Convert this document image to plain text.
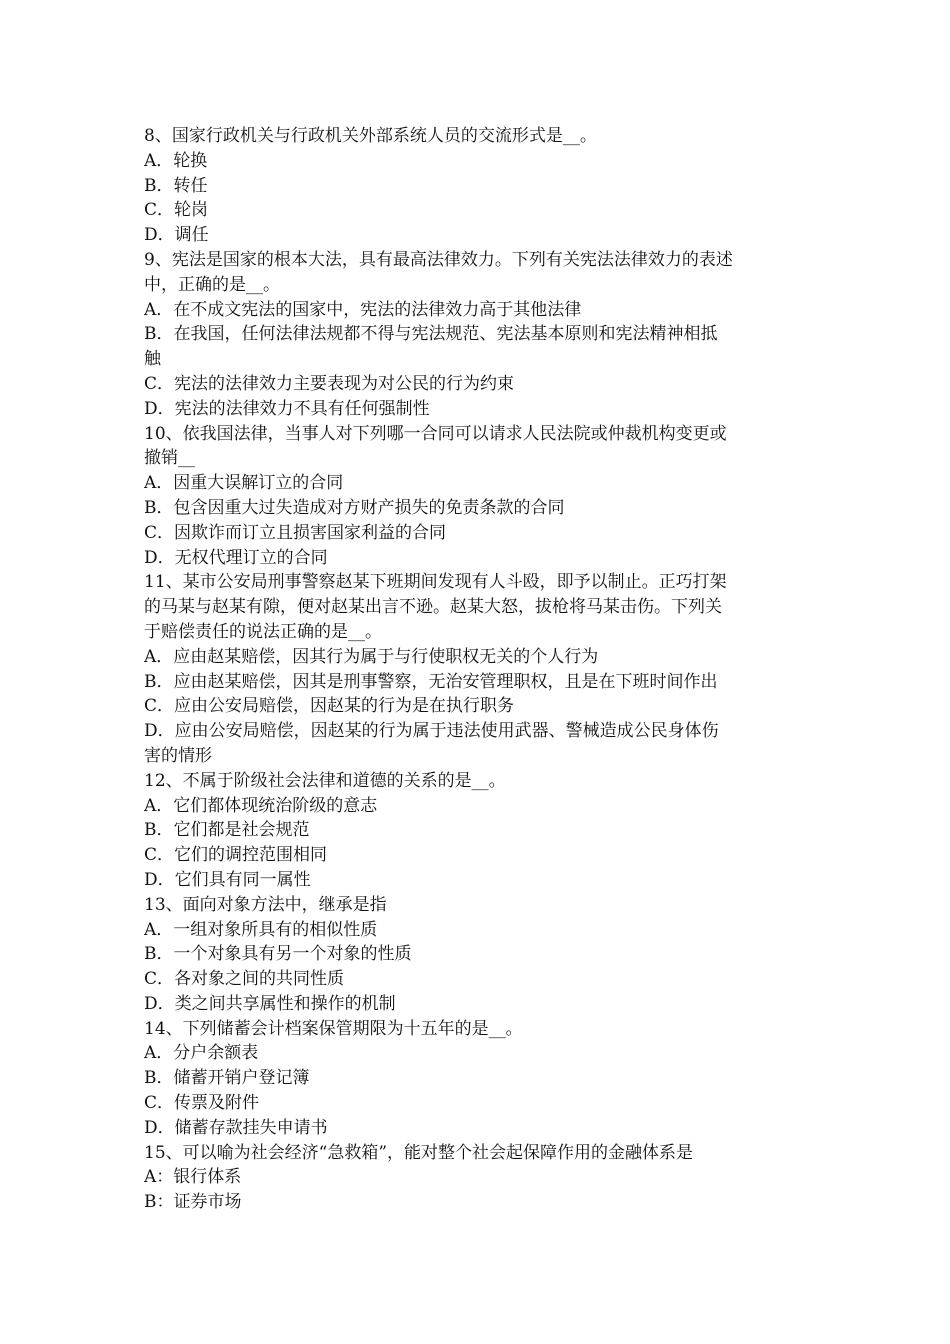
8、国家行政机关与行政机关外部系统人员的交流形式是__。
A．轮换
B．转任
C．轮岗
D．调任
9、宪法是国家的根本大法，具有最高法律效力。下列有关宪法法律效力的表述
中，正确的是__。
A．在不成文宪法的国家中，宪法的法律效力高于其他法律
B．在我国，任何法律法规都不得与宪法规范、宪法基本原则和宪法精神相抵
触
C．宪法的法律效力主要表现为对公民的行为约束
D．宪法的法律效力不具有任何强制性
10、依我国法律，当事人对下列哪一合同可以请求人民法院或仲裁机构变更或
撤销__
A．因重大误解订立的合同
B．包含因重大过失造成对方财产损失的免责条款的合同
C．因欺诈而订立且损害国家利益的合同
D．无权代理订立的合同
11、某市公安局刑事警察赵某下班期间发现有人斗殴，即予以制止。正巧打架
的马某与赵某有隙，便对赵某出言不逊。赵某大怒，拔枪将马某击伤。下列关
于赔偿责任的说法正确的是__。
A．应由赵某赔偿，因其行为属于与行使职权无关的个人行为
B．应由赵某赔偿，因其是刑事警察，无治安管理职权，且是在下班时间作出
C．应由公安局赔偿，因赵某的行为是在执行职务
D．应由公安局赔偿，因赵某的行为属于违法使用武器、警械造成公民身体伤
害的情形
12、不属于阶级社会法律和道德的关系的是__。
A．它们都体现统治阶级的意志
B．它们都是社会规范
C．它们的调控范围相同
D．它们具有同一属性
13、面向对象方法中，继承是指
A．一组对象所具有的相似性质
B．一个对象具有另一个对象的性质
C．各对象之间的共同性质
D．类之间共享属性和操作的机制
14、下列储蓄会计档案保管期限为十五年的是__。
A．分户余额表
B．储蓄开销户登记簿
C．传票及附件
D．储蓄存款挂失申请书
15、可以喻为社会经济“急救箱”，能对整个社会起保障作用的金融体系是
A：银行体系
B：证券市场
